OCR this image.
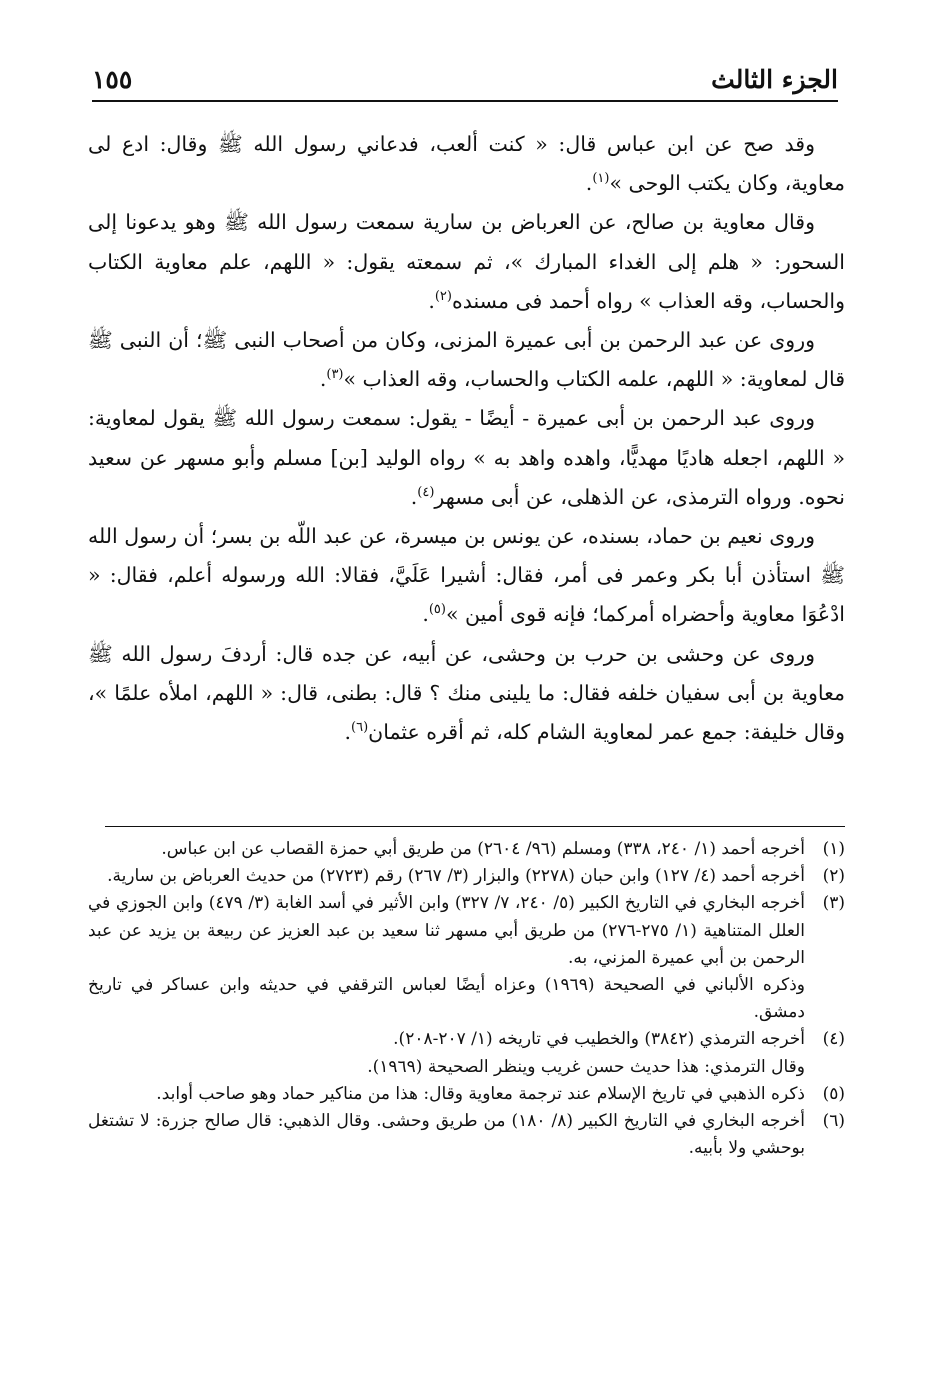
الجزء الثالث
١٥٥

وقد صح عن ابن عباس قال: « كنت ألعب، فدعاني رسول الله ﷺ وقال: ادع لى معاوية، وكان يكتب الوحى »$^{(١)}$.

وقال معاوية بن صالح، عن العرباض بن سارية سمعت رسول الله ﷺ وهو يدعونا إلى السحور: « هلم إلى الغداء المبارك »، ثم سمعته يقول: « اللهم، علم معاوية الكتاب والحساب، وقه العذاب » رواه أحمد فى مسنده$^{(٢)}$.

وروى عن عبد الرحمن بن أبى عميرة المزنى، وكان من أصحاب النبى ﷺ؛ أن النبى ﷺ قال لمعاوية: « اللهم، علمه الكتاب والحساب، وقه العذاب »$^{(٣)}$.

وروى عبد الرحمن بن أبى عميرة - أيضًا - يقول: سمعت رسول الله ﷺ يقول لمعاوية: « اللهم، اجعله هاديًا مهديًّا، واهده واهد به » رواه الوليد [بن] مسلم وأبو مسهر عن سعيد نحوه. ورواه الترمذى، عن الذهلى، عن أبى مسهر$^{(٤)}$.

وروى نعيم بن حماد، بسنده، عن يونس بن ميسرة، عن عبد اللّه بن بسر؛ أن رسول الله ﷺ استأذن أبا بكر وعمر فى أمر، فقال: أشيرا عَلَيَّ، فقالا: الله ورسوله أعلم، فقال: « ادْعُوَا معاوية وأحضراه أمركما؛ فإنه قوى أمين »$^{(٥)}$.

وروى عن وحشى بن حرب بن وحشى، عن أبيه، عن جده قال: أردفَ رسول الله ﷺ معاوية بن أبى سفيان خلفه فقال: ما يلينى منك ؟ قال: بطنى، قال: « اللهم، املأه علمًا »، وقال خليفة: جمع عمر لمعاوية الشام كله، ثم أقره عثمان$^{(٦)}$.

(١)
أخرجه أحمد (١/ ٢٤٠، ٣٣٨) ومسلم (٩٦/ ٢٦٠٤) من طريق أبي حمزة القصاب عن ابن عباس.
(٢)
أخرجه أحمد (٤/ ١٢٧) وابن حبان (٢٢٧٨) والبزار (٣/ ٢٦٧) رقم (٢٧٢٣) من حديث العرباض بن سارية.
(٣)
أخرجه البخاري في التاريخ الكبير (٥/ ٢٤٠، ٧/ ٣٢٧) وابن الأثير في أسد الغابة (٣/ ٤٧٩) وابن الجوزي في العلل المتناهية (١/ ٢٧٥-٢٧٦) من طريق أبي مسهر ثنا سعيد بن عبد العزيز عن ربيعة بن يزيد عن عبد الرحمن بن أبي عميرة المزني، به.
وذكره الألباني في الصحيحة (١٩٦٩) وعزاه أيضًا لعباس الترقفي في حديثه وابن عساكر في تاريخ دمشق.
(٤)
أخرجه الترمذي (٣٨٤٢) والخطيب في تاريخه (١/ ٢٠٧-٢٠٨).
وقال الترمذي: هذا حديث حسن غريب وينظر الصحيحة (١٩٦٩).
(٥)
ذكره الذهبي في تاريخ الإسلام عند ترجمة معاوية وقال: هذا من مناكير حماد وهو صاحب أوابد.
(٦)
أخرجه البخاري في التاريخ الكبير (٨/ ١٨٠) من طريق وحشى. وقال الذهبي: قال صالح جزرة: لا تشتغل بوحشي ولا بأبيه.
